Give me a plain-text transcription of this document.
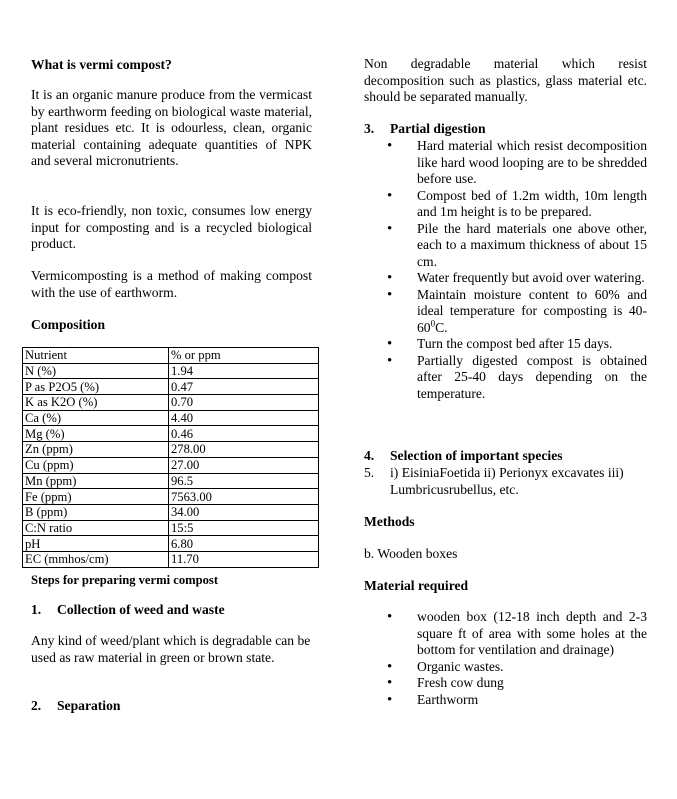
What is vermi compost?

It is an organic manure produce from the vermicast by earthworm feeding on biological waste material, plant residues etc. It is odourless, clean, organic material containing adequate quantities of NPK and several micronutrients.

It is eco-friendly, non toxic, consumes low energy input for composting and is a recycled biological product.

Vermicomposting is a method of making compost with the use of earthworm.

Composition
Nutrient	% or ppm
N (%)	1.94
P as P2O5 (%)	0.47
K as K2O (%)	0.70
Ca (%)	4.40
Mg (%)	0.46
Zn (ppm)	278.00
Cu (ppm)	27.00
Mn (ppm)	96.5
Fe (ppm)	7563.00
B (ppm)	34.00
C:N ratio	15:5
pH	6.80
EC (mmhos/cm)	11.70

Steps for preparing vermi compost

1. Collection of weed and waste

Any kind of weed/plant which is degradable can be used as raw material in green or brown state.

2. Separation

Non degradable material which resist decomposition such as plastics, glass material etc. should be separated manually.

3. Partial digestion
• Hard material which resist decomposition like hard wood looping are to be shredded before use.
• Compost bed of 1.2m width, 10m length and 1m height is to be prepared.
• Pile the hard materials one above other, each to a maximum thickness of about 15 cm.
• Water frequently but avoid over watering.
• Maintain moisture content to 60% and ideal temperature for composting is $40-60^0C$.
• Turn the compost bed after 15 days.
• Partially digested compost is obtained after 25-40 days depending on the temperature.
4. Selection of important species
5. i) EisiniaFoetida ii) Perionyx excavates iii) Lumbricusrubellus, etc.

Methods

b. Wooden boxes

Material required
• wooden box (12-18 inch depth and 2-3 square ft of area with some holes at the bottom for ventilation and drainage)
• Organic wastes.
• Fresh cow dung
• Earthworm
